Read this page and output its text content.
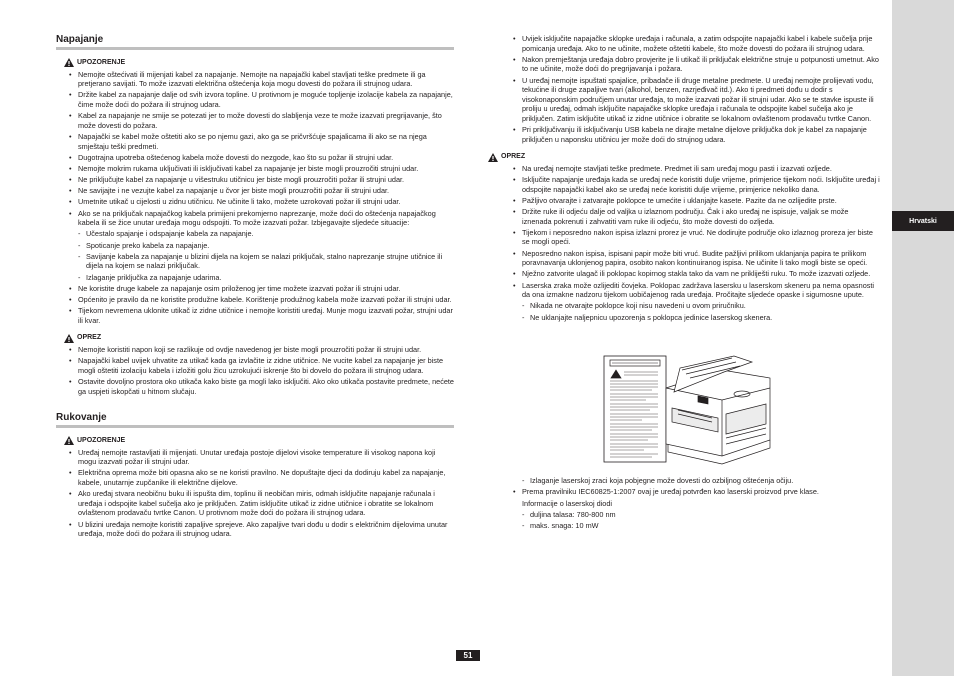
Napajanje
UPOZORENJE
• Nemojte oštećivati ili mijenjati kabel za napajanje. Nemojte na napajački kabel stavljati teške predmete ili ga pretjerano savijati. To može izazvati električna oštećenja koja mogu dovesti do požara ili strujnog udara.
• Držite kabel za napajanje dalje od svih izvora topline. U protivnom je moguće topljenje izolacije kabela za napajanje, čime može doći do požara ili strujnog udara.
• Kabel za napajanje ne smije se potezati jer to može dovesti do slabljenja veze te može izazvati pregrijavanje, što može dovesti do požara.
• Napajački se kabel može oštetiti ako se po njemu gazi, ako ga se pričvršćuje spajalicama ili ako se na njega smještaju teški predmeti.
• Dugotrajna upotreba oštećenog kabela može dovesti do nezgode, kao što su požar ili strujni udar.
• Nemojte mokrim rukama uključivati ili isključivati kabel za napajanje jer biste mogli prouzročiti strujni udar.
• Ne priključujte kabel za napajanje u višestruku utičnicu jer biste mogli prouzročiti požar ili strujni udar.
• Ne savijajte i ne vezujte kabel za napajanje u čvor jer biste mogli prouzročiti požar ili strujni udar.
• Umetnite utikač u cijelosti u zidnu utičnicu. Ne učinite li tako, možete uzrokovati požar ili strujni udar.
• Ako se na priključak napajačkog kabela primijeni prekomjerno naprezanje, može doći do oštećenja napajačkog kabela ili se žice unutar uređaja mogu odspojiti. To može izazvati požar. Izbjegavajte sljedeće situacije:
- Učestalo spajanje i odspajanje kabela za napajanje.
- Spoticanje preko kabela za napajanje.
- Savijanje kabela za napajanje u blizini dijela na kojem se nalazi priključak, stalno naprezanje strujne utičnice ili dijela na kojem se nalazi priključak.
- Izlaganje priključka za napajanje udarima.
• Ne koristite druge kabele za napajanje osim priloženog jer time možete izazvati požar ili strujni udar.
• Općenito je pravilo da ne koristite produžne kabele. Korištenje produžnog kabela može izazvati požar ili strujni udar.
• Tijekom nevremena uklonite utikač iz zidne utičnice i nemojte koristiti uređaj. Munje mogu izazvati požar, strujni udar ili kvar.
OPREZ
• Nemojte koristiti napon koji se razlikuje od ovdje navedenog jer biste mogli prouzročiti požar ili strujni udar.
• Napajački kabel uvijek uhvatite za utikač kada ga izvlačite iz zidne utičnice. Ne vucite kabel za napajanje jer biste mogli oštetiti izolaciju kabela i izložiti golu žicu uzrokujući iskrenje što bi dovelo do požara ili strujnog udara.
• Ostavite dovoljno prostora oko utikača kako biste ga mogli lako isključiti. Ako oko utikača postavite predmete, nećete ga uspjeti iskopčati u hitnom slučaju.
Rukovanje
UPOZORENJE
• Uređaj nemojte rastavljati ili mijenjati. Unutar uređaja postoje dijelovi visoke temperature ili visokog napona koji mogu izazvati požar ili strujni udar.
• Električna oprema može biti opasna ako se ne koristi pravilno. Ne dopuštajte djeci da dodiruju kabel za napajanje, kabele, unutarnje zupčanike ili električne dijelove.
• Ako uređaj stvara neobičnu buku ili ispušta dim, toplinu ili neobičan miris, odmah isključite napajanje računala i uređaja i odspojite kabel sučelja ako je priključen. Zatim isključite utikač iz zidne utičnice i obratite se lokalnom ovlaštenom prodavaču tvrtke Canon. U protivnom može doći do požara ili strujnog udara.
• U blizini uređaja nemojte koristiti zapaljive spreјeve. Ako zapaljive tvari dođu u dodir s električnim dijelovima unutar uređaja, može doći do požara ili strujnog udara.
• Uvijek isključite napajačke sklopke uređaja i računala, a zatim odspojite napajački kabel i kabele sučelja prije pomicanja uređaja. Ako to ne učinite, možete oštetiti kabele, što može dovesti do požara ili strujnog udara.
• Nakon premještanja uređaja dobro provjerite je li utikač ili priključak električne struje u potpunosti umetnut. Ako to ne učinite, može doći do pregrijavanja i požara.
• U uređaj nemojte ispuštati spajalice, pribadače ili druge metalne predmete. U uređaj nemojte prolijevati vodu, tekućine ili druge zapaljive tvari (alkohol, benzen, razrjeđivač itd.). Ako ti predmeti dođu u dodir s visokonaponskim područjem unutar uređaja, to može izazvati požar ili strujni udar. Ako se te stavke ispuste ili proliju u uređaj, odmah isključite napajačke sklopke uređaja i računala te odspojite kabel sučelja ako je priključen. Zatim isključite utikač iz zidne utičnice i obratite se lokalnom ovlaštenom prodavaču tvrtke Canon.
• Pri priključivanju ili isključivanju USB kabela ne dirajte metalne dijelove priključka dok je kabel za napajanje priključen u naponsku utičnicu jer može doći do strujnog udara.
OPREZ
• Na uređaj nemojte stavljati teške predmete. Predmet ili sam uređaj mogu pasti i izazvati ozljede.
• Isključite napajanje uređaja kada se uređaj neće koristiti dulje vrijeme, primjerice tijekom noći. Isključite uređaj i odspojite napajački kabel ako se uređaj neće koristiti dulje vrijeme, primjerice nekoliko dana.
• Pažljivo otvarajte i zatvarajte poklopce te umećite i uklanjajte kasete. Pazite da ne ozlijedite prste.
• Držite ruke ili odjeću dalje od valjka u izlaznom području. Čak i ako uređaj ne ispisuje, valjak se može iznenada pokrenuti i zahvatiti vam ruke ili odjeću, što može dovesti do ozljeda.
• Tijekom i neposredno nakon ispisa izlazni prorez je vruć. Ne dodirujte područje oko izlaznog proreza jer biste se mogli opeći.
• Neposredno nakon ispisa, ispisani papir može biti vruć. Budite pažljivi prilikom uklanjanja papira te prilikom poravnavanja uklonjenog papira, osobito nakon kontinuiranog ispisa. Ne učinite li tako mogli biste se opeći.
• Nježno zatvorite ulagač ili poklopac kopirnog stakla tako da vam ne prikliješti ruku. To može izazvati ozljede.
• Laserska zraka može ozlijediti čovjeka. Poklopac zadržava lasersku u laserskom skeneru pa nema opasnosti da ona izmakne nadzoru tijekom uobičajenog rada uređaja. Pročitajte sljedeće opaske i sigurnosne upute.
- Nikada ne otvarajte poklopce koji nisu navedeni u ovom priručniku.
- Ne uklanjajte naljepnicu upozorenja s poklopca jedinice laserskog skenera.
- Izlaganje laserskoj zraci koja pobjegne može dovesti do ozbiljnog oštećenja očiju.
• Prema pravilniku IEC60825-1:2007 ovaj je uređaj potvrđen kao laserski proizvod prve klase.
Informacije o laserskoj diodi
- duljina talasa: 780-800 nm
- maks. snaga: 10 mW
Hrvatski
51
